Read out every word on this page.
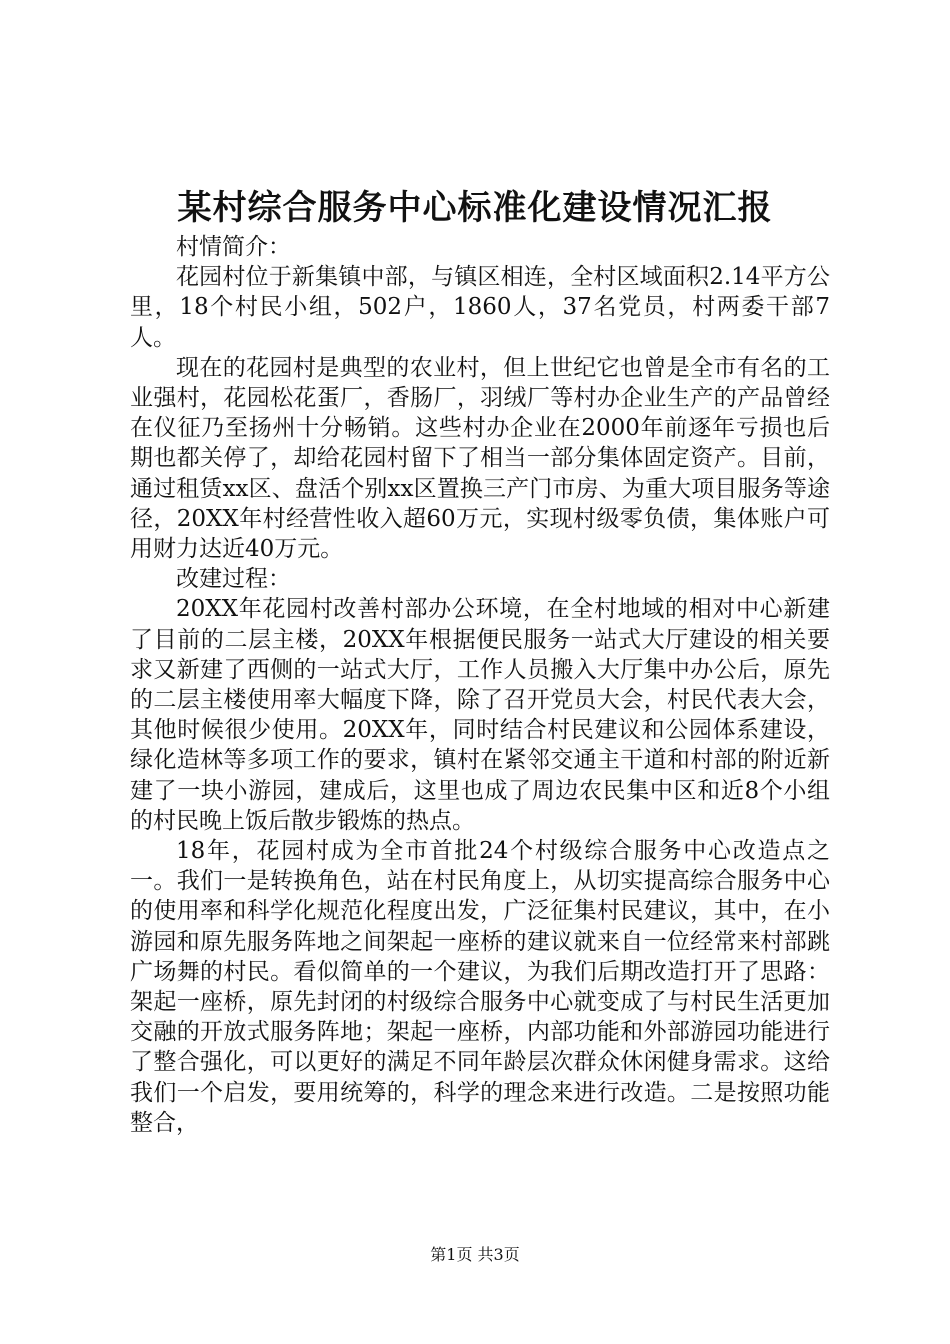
某村综合服务中心标准化建设情况汇报

村情简介：

花园村位于新集镇中部，与镇区相连，全村区域面积2.14平方公里，18个村民小组，502户，1860人，37名党员，村两委干部7人。

现在的花园村是典型的农业村，但上世纪它也曾是全市有名的工业强村，花园松花蛋厂，香肠厂，羽绒厂等村办企业生产的产品曾经在仪征乃至扬州十分畅销。这些村办企业在2000年前逐年亏损也后期也都关停了，却给花园村留下了相当一部分集体固定资产。目前，通过租赁xx区、盘活个别xx区置换三产门市房、为重大项目服务等途径，20XX年村经营性收入超60万元，实现村级零负债，集体账户可用财力达近40万元。

改建过程：

20XX年花园村改善村部办公环境，在全村地域的相对中心新建了目前的二层主楼，20XX年根据便民服务一站式大厅建设的相关要求又新建了西侧的一站式大厅，工作人员搬入大厅集中办公后，原先的二层主楼使用率大幅度下降，除了召开党员大会，村民代表大会，其他时候很少使用。20XX年，同时结合村民建议和公园体系建设，绿化造林等多项工作的要求，镇村在紧邻交通主干道和村部的附近新建了一块小游园，建成后，这里也成了周边农民集中区和近8个小组的村民晚上饭后散步锻炼的热点。

18年，花园村成为全市首批24个村级综合服务中心改造点之一。我们一是转换角色，站在村民角度上，从切实提高综合服务中心的使用率和科学化规范化程度出发，广泛征集村民建议，其中，在小游园和原先服务阵地之间架起一座桥的建议就来自一位经常来村部跳广场舞的村民。看似简单的一个建议，为我们后期改造打开了思路：架起一座桥，原先封闭的村级综合服务中心就变成了与村民生活更加交融的开放式服务阵地；架起一座桥，内部功能和外部游园功能进行了整合强化，可以更好的满足不同年龄层次群众休闲健身需求。这给我们一个启发，要用统筹的，科学的理念来进行改造。二是按照功能整合，

第1页 共3页
